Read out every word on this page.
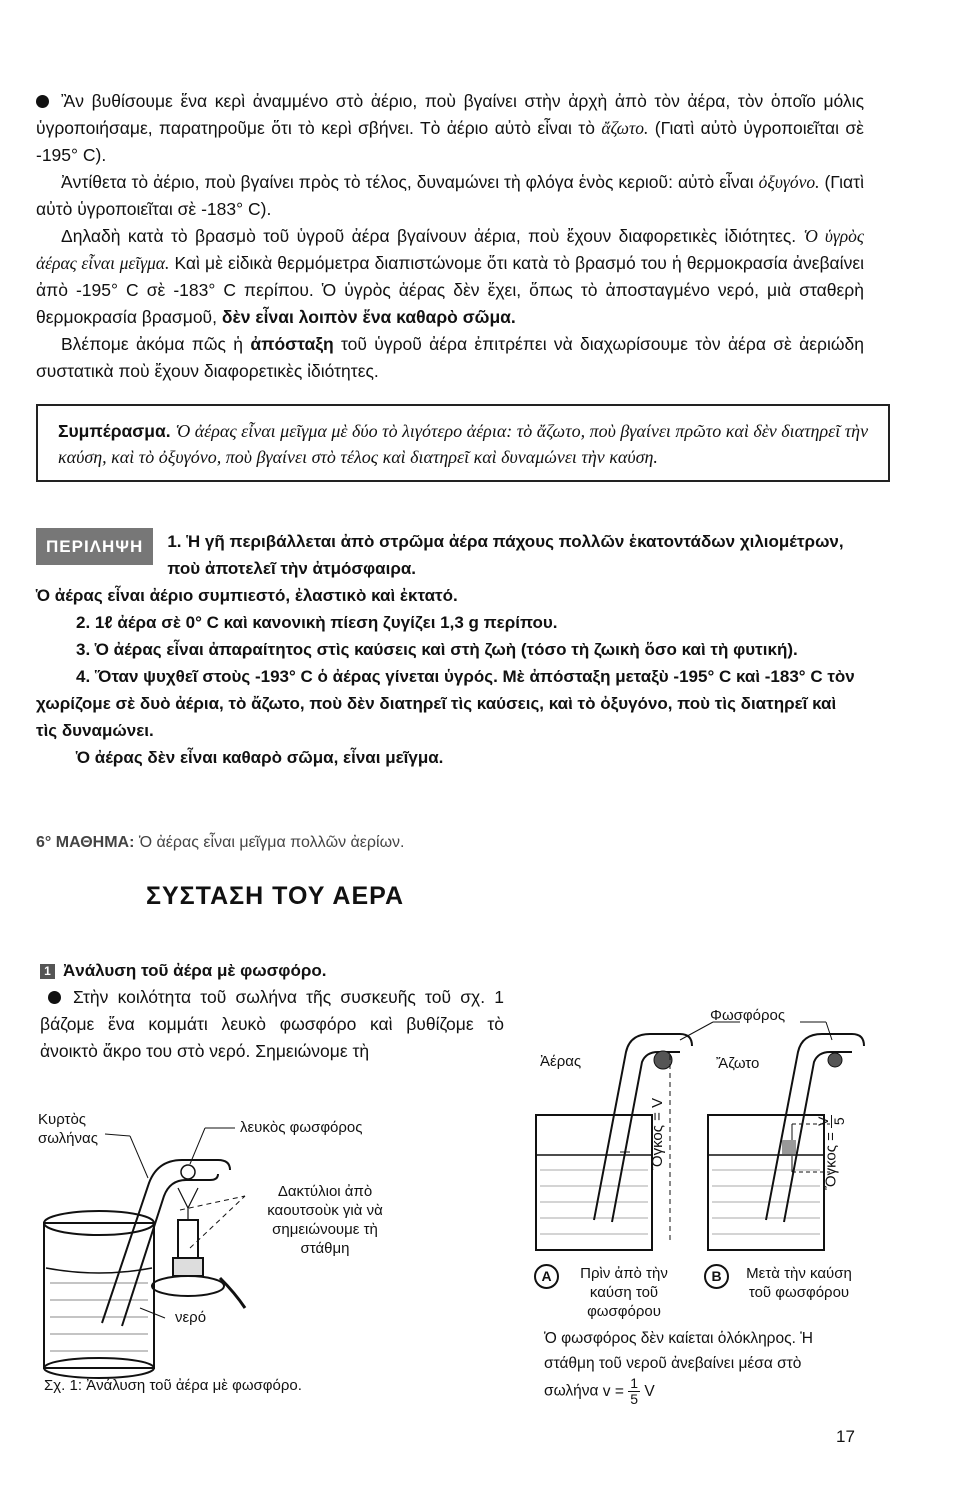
Ἂν βυθίσουμε ἕνα κερὶ ἀναμμένο στὸ ἀέριο, ποὺ βγαίνει στὴν ἀρχὴ ἀπὸ τὸν ἀέρα, τὸν ὁποῖο μόλις ὑγροποιήσαμε, παρατηροῦμε ὅτι τὸ κερὶ σβήνει. Τὸ ἀέριο αὐτὸ εἶναι τὸ ἄζωτο. (Γιατὶ αὐτὸ ὑγροποιεῖται σὲ -195° C).

Ἀντίθετα τὸ ἀέριο, ποὺ βγαίνει πρὸς τὸ τέλος, δυναμώνει τὴ φλόγα ἑνὸς κεριοῦ: αὐτὸ εἶναι ὀξυγόνο. (Γιατὶ αὐτὸ ὑγροποιεῖται σὲ -183° C).

Δηλαδὴ κατὰ τὸ βρασμὸ τοῦ ὑγροῦ ἀέρα βγαίνουν ἀέρια, ποὺ ἔχουν διαφορετικὲς ἰδιότητες. Ὁ ὑγρὸς ἀέρας εἶναι μεῖγμα. Καὶ μὲ εἰδικὰ θερμόμετρα διαπιστώνομε ὅτι κατὰ τὸ βρασμό του ἡ θερμοκρασία ἀνεβαίνει ἀπὸ -195° C σὲ -183° C περίπου. Ὁ ὑγρὸς ἀέρας δὲν ἔχει, ὅπως τὸ ἀποσταγμένο νερό, μιὰ σταθερὴ θερμοκρασία βρασμοῦ, δὲν εἶναι λοιπὸν ἕνα καθαρὸ σῶμα.

Βλέπομε ἀκόμα πῶς ἡ ἀπόσταξη τοῦ ὑγροῦ ἀέρα ἐπιτρέπει νὰ διαχωρίσουμε τὸν ἀέρα σὲ ἀεριώδη συστατικὰ ποὺ ἔχουν διαφορετικὲς ἰδιότητες.

Συμπέρασμα. Ὁ ἀέρας εἶναι μεῖγμα μὲ δύο τὸ λιγότερο ἀέρια: τὸ ἄζωτο, ποὺ βγαίνει πρῶτο καὶ δὲν διατηρεῖ τὴν καύση, καὶ τὸ ὀξυγόνο, ποὺ βγαίνει στὸ τέλος καὶ διατηρεῖ καὶ δυναμώνει τὴν καύση.

ΠΕΡΙΛΗΨΗ	1. Ἡ γῆ περιβάλλεται ἀπὸ στρῶμα ἀέρα πάχους πολλῶν ἑκατοντάδων χιλιομέτρων, ποὺ ἀποτελεῖ τὴν ἀτμόσφαιρα.

Ὁ ἀέρας εἶναι ἀέριο συμπιεστό, ἐλαστικὸ καὶ ἐκτατό.

2. 1ℓ ἀέρα σὲ 0° C καὶ κανονικὴ πίεση ζυγίζει 1,3 g περίπου.

3. Ὁ ἀέρας εἶναι ἀπαραίτητος στὶς καύσεις καὶ στὴ ζωὴ (τόσο τὴ ζωικὴ ὅσο καὶ τὴ φυτική).

4. Ὅταν ψυχθεῖ στοὺς -193° C ὁ ἀέρας γίνεται ὑγρός. Μὲ ἀπόσταξη μεταξὺ -195° C καὶ -183° C τὸν χωρίζομε σὲ δυὸ ἀέρια, τὸ ἄζωτο, ποὺ δὲν διατηρεῖ τὶς καύσεις, καὶ τὸ ὀξυγόνο, ποὺ τὶς διατηρεῖ καὶ τὶς δυναμώνει.

Ὁ ἀέρας δὲν εἶναι καθαρὸ σῶμα, εἶναι μεῖγμα.

6° ΜΑΘΗΜΑ: Ὁ ἀέρας εἶναι μεῖγμα πολλῶν ἀερίων.
ΣΥΣΤΑΣΗ ΤΟΥ ΑΕΡΑ

1 Ἀνάλυση τοῦ ἀέρα μὲ φωσφόρο.

Στὴν κοιλότητα τοῦ σωλήνα τῆς συσκευῆς τοῦ σχ. 1 βάζομε ἕνα κομμάτι λευκὸ φωσφόρο καὶ βυθίζομε τὸ ἀνοικτὸ ἄκρο του στὸ νερό. Σημειώνομε τὴ

Κυρτὸς σωλήνας
λευκὸς φωσφόρος
Δακτύλιοι ἀπὸ καουτσοὺκ γιὰ νὰ σημειώνουμε τὴ στάθμη
νερό
Σχ. 1: Ἀνάλυση τοῦ ἀέρα μὲ φωσφόρο.
Φωσφόρος
Ἀέρας	Ἄζωτο
Ὄγκος = V	Ὄγκος =
V 5
A	Πρὶν ἀπὸ τὴν καύση τοῦ φωσφόρου
B	Μετὰ τὴν καύση τοῦ φωσφόρου
Ὁ φωσφόρος δὲν καίεται ὁλόκληρος. Ἡ στάθμη τοῦ νεροῦ ἀνεβαίνει μέσα στὸ σωλήνα $v = \frac{1}{5}$ V
17
